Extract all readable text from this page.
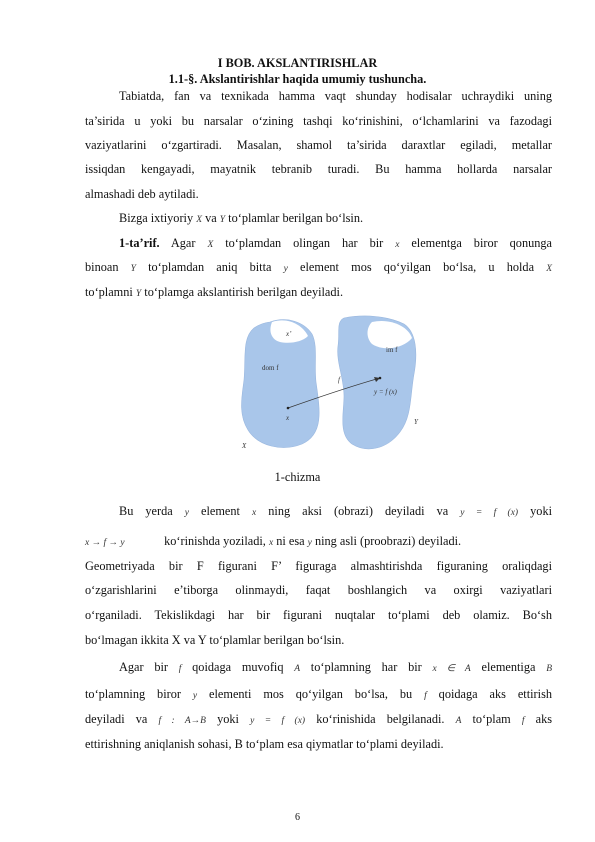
I BOB. AKSLANTIRISHLAR
1.1-§. Akslantirishlar haqida umumiy tushuncha.
Tabiatda, fan va texnikada hamma vaqt shunday hodisalar uchraydiki uning
ta’sirida u yoki bu narsalar o‘zining tashqi ko‘rinishini, o‘lchamlarini va fazodagi
vaziyatlarini o‘zgartiradi. Masalan, shamol ta’sirida daraxtlar egiladi, metallar
issiqdan kengayadi, mayatnik tebranib turadi. Bu hamma hollarda narsalar
almashadi deb aytiladi.
Bizga ixtiyoriy X va Y to‘plamlar berilgan bo‘lsin.
1-ta’rif. Agar X to‘plamdan olingan har bir x elementga biror qonunga
binoan Y to‘plamdan aniq bitta y element mos qo‘yilgan bo‘lsa, u holda X
to‘plamni Y to‘plamga akslantirish berilgan deyiladi.
x’
dom f
im f
f
y = f (x)
x
X
Y
1-chizma
Bu yerda y element x ning aksi (obrazi) deyiladi va y = f (x) yoki
x → f → y	ko‘rinishda yoziladi, x ni esa y ning asli (proobrazi) deyiladi.
Geometriyada bir F figurani F’ figuraga almashtirishda figuraning oraliqdagi
o‘zgarishlarini e’tiborga olinmaydi, faqat boshlangich va oxirgi vaziyatlari
o‘rganiladi. Tekislikdagi har bir figurani nuqtalar to‘plami deb olamiz. Bo‘sh
bo‘lmagan ikkita X va Y to‘plamlar berilgan bo‘lsin.
Agar bir f qoidaga muvofiq A to‘plamning har bir x ∈ A elementiga B
to‘plamning biror y elementi mos qo‘yilgan bo‘lsa, bu f qoidaga aks ettirish
deyiladi va f : A→B yoki y = f (x) ko‘rinishida belgilanadi. A to‘plam f aks
ettirishning aniqlanish sohasi, B to‘plam esa qiymatlar to‘plami deyiladi.
6
